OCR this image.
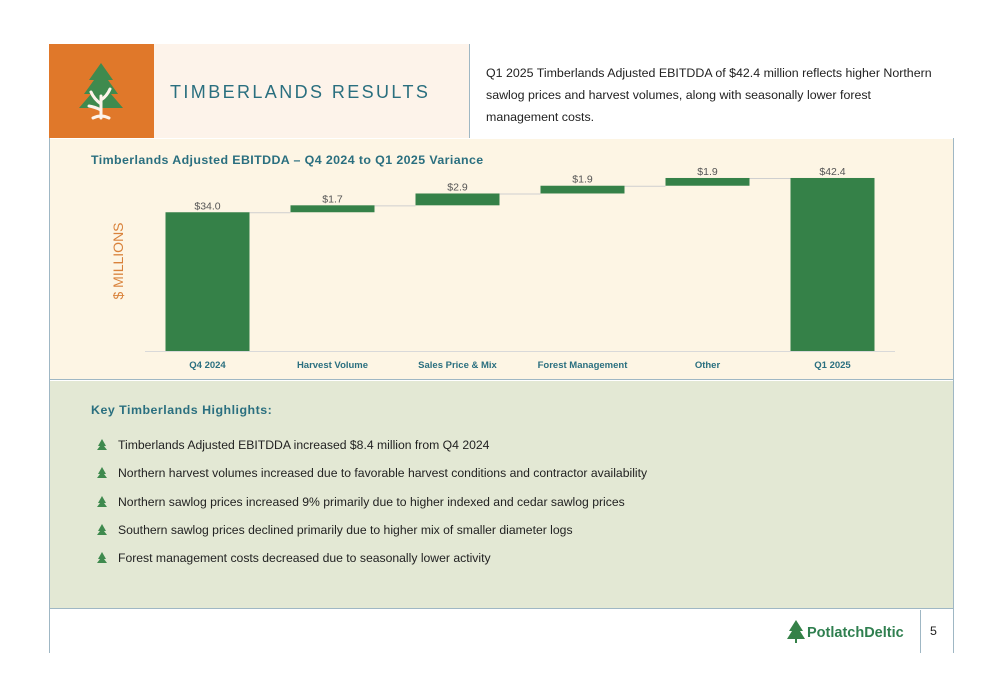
TIMBERLANDS RESULTS
Q1 2025 Timberlands Adjusted EBITDDA of $42.4 million reflects higher Northern sawlog prices and harvest volumes, along with seasonally lower forest management costs.
Timberlands Adjusted EBITDDA – Q4 2024 to Q1 2025 Variance
$ MILLIONS
$34.0
Q4 2024
$1.7
Harvest Volume
$2.9
Sales Price & Mix
$1.9
Forest Management
$1.9
Other
$42.4
Q1 2025
Key Timberlands Highlights:
Timberlands Adjusted EBITDDA increased $8.4 million from Q4 2024
Northern harvest volumes increased due to favorable harvest conditions and contractor availability
Northern sawlog prices increased 9% primarily due to higher indexed and cedar sawlog prices
Southern sawlog prices declined primarily due to higher mix of smaller diameter logs
Forest management costs decreased due to seasonally lower activity
PotlatchDeltic 5
